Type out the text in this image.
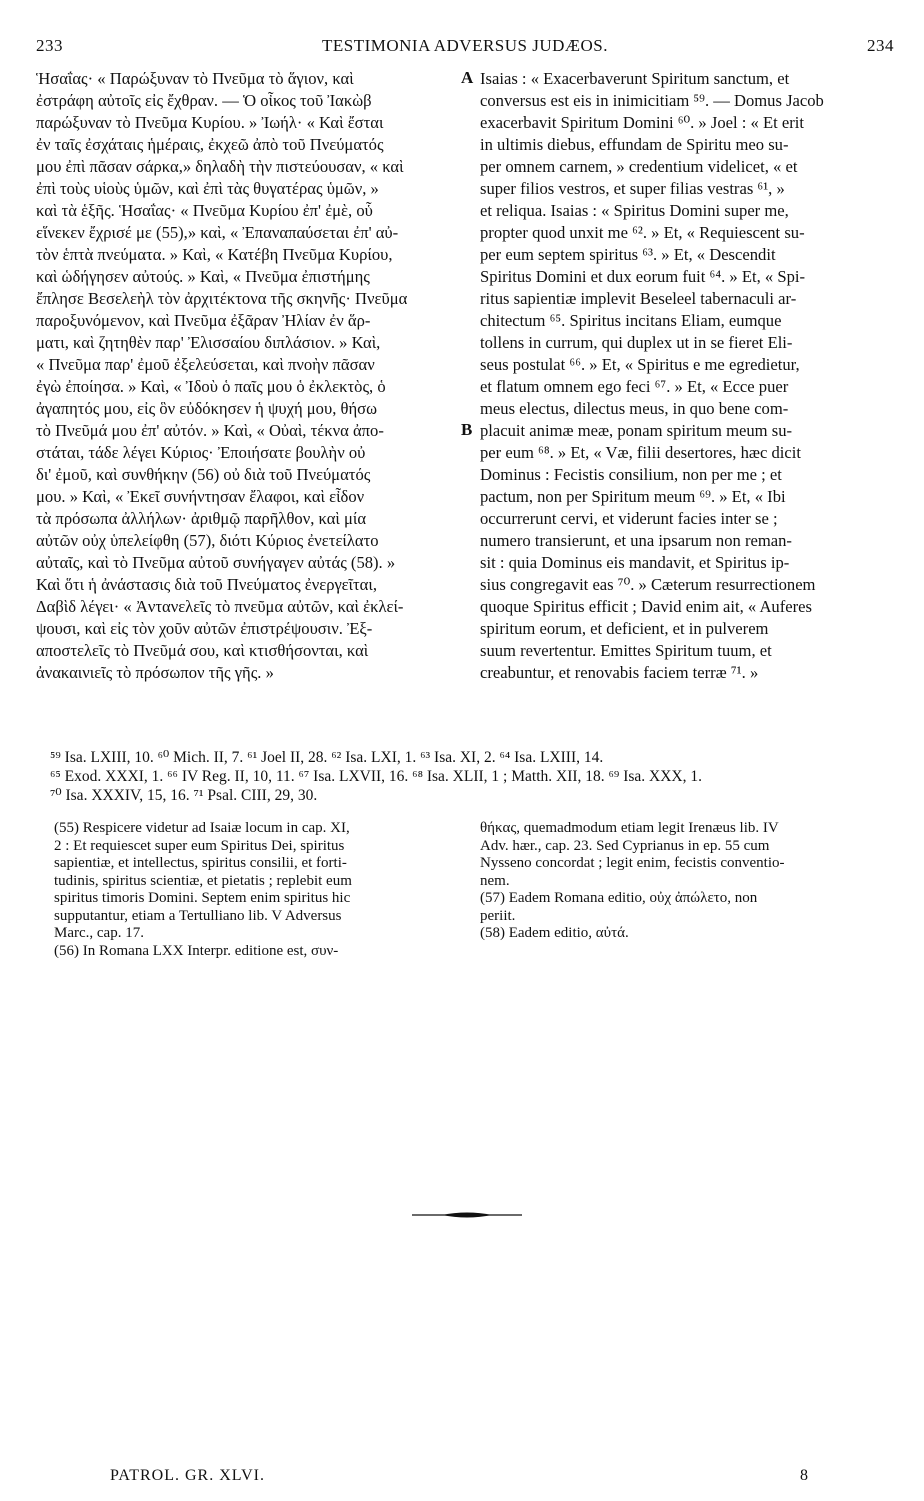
233	TESTIMONIA ADVERSUS JUDÆOS.	234
Ἡσαΐας· « Παρώξυναν τὸ Πνεῦμα τὸ ἅγιον, καὶ
ἐστράφη αὐτοῖς εἰς ἔχθραν. — Ὁ οἶκος τοῦ Ἰακὼβ
παρώξυναν τὸ Πνεῦμα Κυρίου. » Ἰωήλ· « Καὶ ἔσται
ἐν ταῖς ἐσχάταις ἡμέραις, ἐκχεῶ ἀπὸ τοῦ Πνεύματός
μου ἐπὶ πᾶσαν σάρκα,» δηλαδὴ τὴν πιστεύουσαν, « καὶ
ἐπὶ τοὺς υἱοὺς ὑμῶν, καὶ ἐπὶ τὰς θυγατέρας ὑμῶν, »
καὶ τὰ ἑξῆς. Ἡσαΐας· « Πνεῦμα Κυρίου ἐπ' ἐμὲ, οὗ
εἵνεκεν ἔχρισέ με (55),» καὶ, « Ἐπαναπαύσεται ἐπ' αὐ-
τὸν ἑπτὰ πνεύματα. » Καὶ, « Κατέβη Πνεῦμα Κυρίου,
καὶ ὡδήγησεν αὐτούς. » Καὶ, « Πνεῦμα ἐπιστήμης
ἔπλησε Βεσελεὴλ τὸν ἀρχιτέκτονα τῆς σκηνῆς· Πνεῦμα
παροξυνόμενον, καὶ Πνεῦμα ἐξᾶραν Ἠλίαν ἐν ἅρ-
ματι, καὶ ζητηθὲν παρ' Ἐλισσαίου διπλάσιον. » Καὶ,
« Πνεῦμα παρ' ἐμοῦ ἐξελεύσεται, καὶ πνοὴν πᾶσαν
ἐγὼ ἐποίησα. » Καὶ, « Ἰδοὺ ὁ παῖς μου ὁ ἐκλεκτὸς, ὁ
ἀγαπητός μου, εἰς ὃν εὐδόκησεν ἡ ψυχή μου, θήσω
τὸ Πνεῦμά μου ἐπ' αὐτόν. » Καὶ, « Οὐαὶ, τέκνα ἀπο-
στάται, τάδε λέγει Κύριος· Ἐποιήσατε βουλὴν οὐ
δι' ἐμοῦ, καὶ συνθήκην (56) οὐ διὰ τοῦ Πνεύματός
μου. » Καὶ, « Ἐκεῖ συνήντησαν ἔλαφοι, καὶ εἶδον
τὰ πρόσωπα ἀλλήλων· ἀριθμῷ παρῆλθον, καὶ μία
αὐτῶν οὐχ ὑπελείφθη (57), διότι Κύριος ἐνετείλατο
αὐταῖς, καὶ τὸ Πνεῦμα αὐτοῦ συνήγαγεν αὐτάς (58). »
Καὶ ὅτι ἡ ἀνάστασις διὰ τοῦ Πνεύματος ἐνεργεῖται,
Δαβὶδ λέγει· « Ἀντανελεῖς τὸ πνεῦμα αὐτῶν, καὶ ἐκλεί-
ψουσι, καὶ εἰς τὸν χοῦν αὐτῶν ἐπιστρέψουσιν. Ἐξ-
αποστελεῖς τὸ Πνεῦμά σου, καὶ κτισθήσονται, καὶ
ἀνακαινιεῖς τὸ πρόσωπον τῆς γῆς. »
A
B
Isaias : « Exacerbaverunt Spiritum sanctum, et
conversus est eis in inimicitiam ⁵⁹. — Domus Jacob
exacerbavit Spiritum Domini ⁶⁰. » Joel : « Et erit
in ultimis diebus, effundam de Spiritu meo su-
per omnem carnem, » credentium videlicet, « et
super filios vestros, et super filias vestras ⁶¹, »
et reliqua. Isaias : « Spiritus Domini super me,
propter quod unxit me ⁶². » Et, « Requiescent su-
per eum septem spiritus ⁶³. » Et, « Descendit
Spiritus Domini et dux eorum fuit ⁶⁴. » Et, « Spi-
ritus sapientiæ implevit Beseleel tabernaculi ar-
chitectum ⁶⁵. Spiritus incitans Eliam, eumque
tollens in currum, qui duplex ut in se fieret Eli-
seus postulat ⁶⁶. » Et, « Spiritus e me egredietur,
et flatum omnem ego feci ⁶⁷. » Et, « Ecce puer
meus electus, dilectus meus, in quo bene com-
placuit animæ meæ, ponam spiritum meum su-
per eum ⁶⁸. » Et, « Væ, filii desertores, hæc dicit
Dominus : Fecistis consilium, non per me ; et
pactum, non per Spiritum meum ⁶⁹. » Et, « Ibi
occurrerunt cervi, et viderunt facies inter se ;
numero transierunt, et una ipsarum non reman-
sit : quia Dominus eis mandavit, et Spiritus ip-
sius congregavit eas ⁷⁰. » Cæterum resurrectionem
quoque Spiritus efficit ; David enim ait, « Auferes
spiritum eorum, et deficient, et in pulverem
suum revertentur. Emittes Spiritum tuum, et
creabuntur, et renovabis faciem terræ ⁷¹. »
⁵⁹ Isa. LXIII, 10. ⁶⁰ Mich. II, 7. ⁶¹ Joel II, 28. ⁶² Isa. LXI, 1. ⁶³ Isa. XI, 2. ⁶⁴ Isa. LXIII, 14.
⁶⁵ Exod. XXXI, 1. ⁶⁶ IV Reg. II, 10, 11. ⁶⁷ Isa. LXVII, 16. ⁶⁸ Isa. XLII, 1 ; Matth. XII, 18. ⁶⁹ Isa. XXX, 1.
⁷⁰ Isa. XXXIV, 15, 16. ⁷¹ Psal. CIII, 29, 30.
(55) Respicere videtur ad Isaiæ locum in cap. XI,
2 : Et requiescet super eum Spiritus Dei, spiritus
sapientiæ, et intellectus, spiritus consilii, et forti-
tudinis, spiritus scientiæ, et pietatis ; replebit eum
spiritus timoris Domini. Septem enim spiritus hic
supputantur, etiam a Tertulliano lib. V Adversus
Marc., cap. 17.
(56) In Romana LXX Interpr. editione est, συν-
θήκας, quemadmodum etiam legit Irenæus lib. IV
Adv. hær., cap. 23. Sed Cyprianus in ep. 55 cum
Nysseno concordat ; legit enim, fecistis conventio-
nem.
(57) Eadem Romana editio, οὐχ ἀπώλετο, non
periit.
(58) Eadem editio, αὐτά.
PATROL. GR. XLVI.	8
